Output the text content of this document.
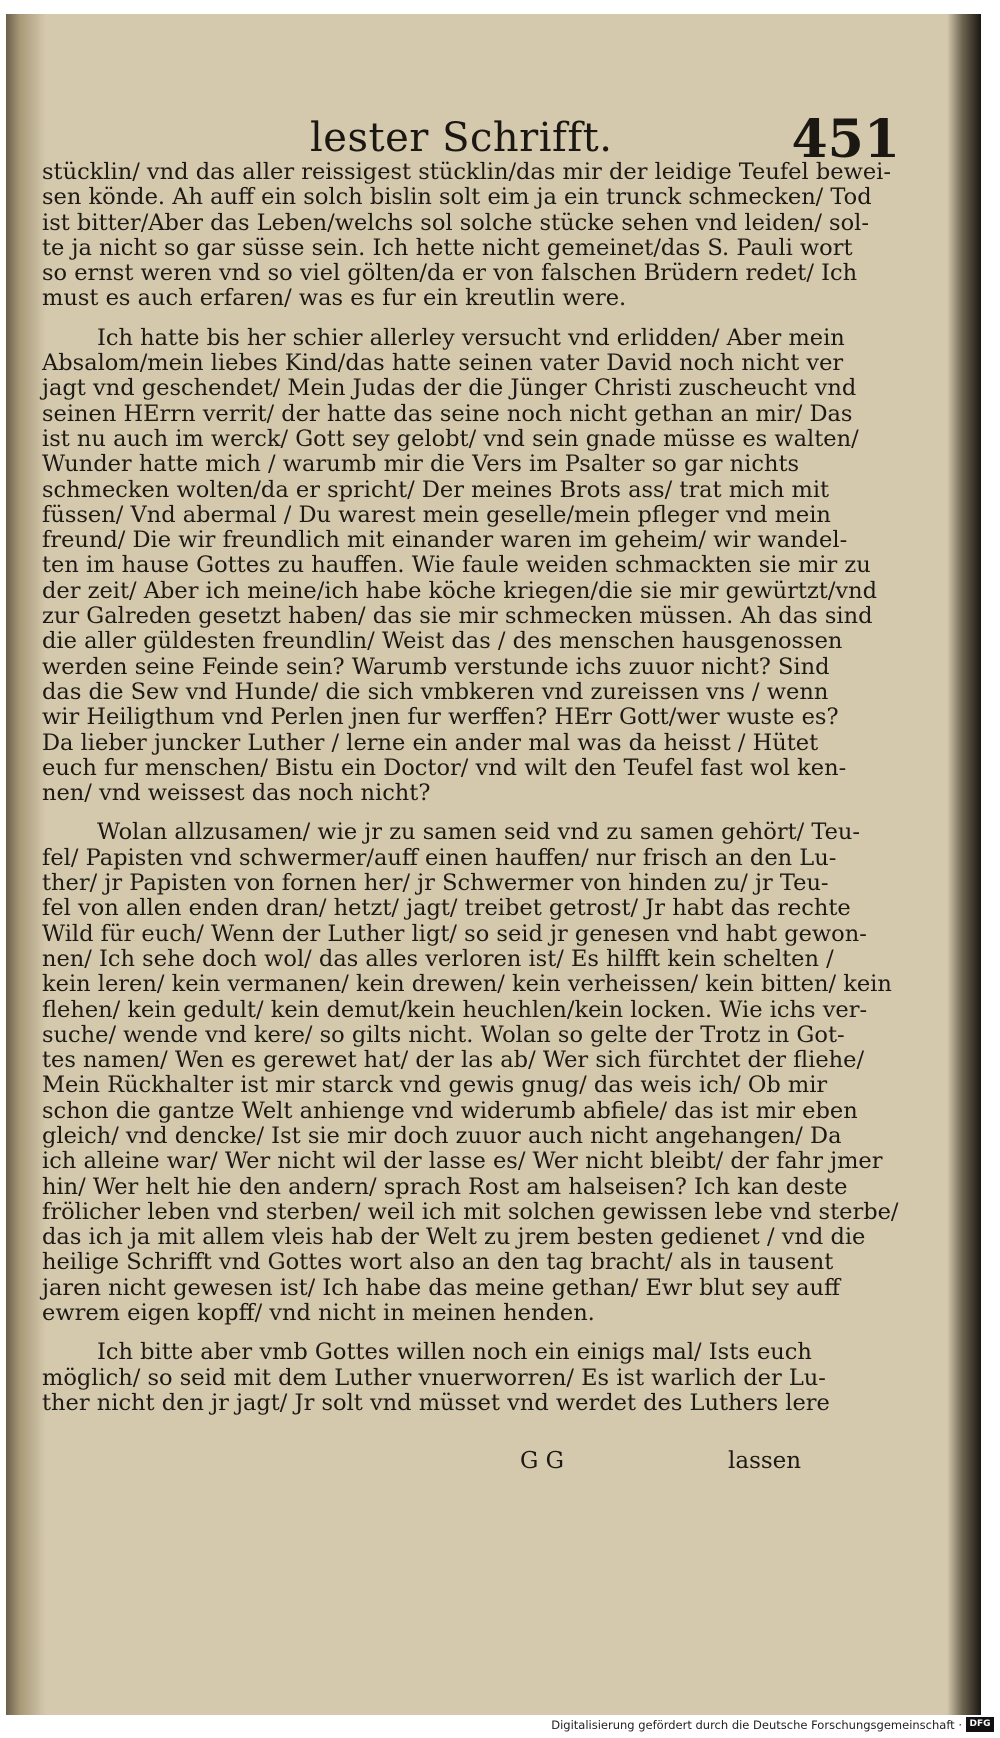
lester Schrifft.	451

stücklin/ vnd das aller reissigest stücklin/das mir der leidige Teufel bewei-
sen könde. Ah auff ein solch bislin solt eim ja ein trunck schmecken/ Tod
ist bitter/Aber das Leben/welchs sol solche stücke sehen vnd leiden/ sol-
te ja nicht so gar süsse sein. Ich hette nicht gemeinet/das S. Pauli wort
so ernst weren vnd so viel gölten/da er von falschen Brüdern redet/ Ich
must es auch erfaren/ was es fur ein kreutlin were.

Ich hatte bis her schier allerley versucht vnd erlidden/ Aber mein
Absalom/mein liebes Kind/das hatte seinen vater David noch nicht ver
jagt vnd geschendet/ Mein Judas der die Jünger Christi zuscheucht vnd
seinen HErrn verrit/ der hatte das seine noch nicht gethan an mir/ Das
ist nu auch im werck/ Gott sey gelobt/ vnd sein gnade müsse es walten/
Wunder hatte mich / warumb mir die Vers im Psalter so gar nichts
schmecken wolten/da er spricht/ Der meines Brots ass/ trat mich mit
füssen/ Vnd abermal / Du warest mein geselle/mein pfleger vnd mein
freund/ Die wir freundlich mit einander waren im geheim/ wir wandel-
ten im hause Gottes zu hauffen. Wie faule weiden schmackten sie mir zu
der zeit/ Aber ich meine/ich habe köche kriegen/die sie mir gewürtzt/vnd
zur Galreden gesetzt haben/ das sie mir schmecken müssen. Ah das sind
die aller güldesten freundlin/ Weist das / des menschen hausgenossen
werden seine Feinde sein? Warumb verstunde ichs zuuor nicht? Sind
das die Sew vnd Hunde/ die sich vmbkeren vnd zureissen vns / wenn
wir Heiligthum vnd Perlen jnen fur werffen? HErr Gott/wer wuste es?
Da lieber juncker Luther / lerne ein ander mal was da heisst / Hütet
euch fur menschen/ Bistu ein Doctor/ vnd wilt den Teufel fast wol ken-
nen/ vnd weissest das noch nicht?

Wolan allzusamen/ wie jr zu samen seid vnd zu samen gehört/ Teu-
fel/ Papisten vnd schwermer/auff einen hauffen/ nur frisch an den Lu-
ther/ jr Papisten von fornen her/ jr Schwermer von hinden zu/ jr Teu-
fel von allen enden dran/ hetzt/ jagt/ treibet getrost/ Jr habt das rechte
Wild für euch/ Wenn der Luther ligt/ so seid jr genesen vnd habt gewon-
nen/ Ich sehe doch wol/ das alles verloren ist/ Es hilfft kein schelten /
kein leren/ kein vermanen/ kein drewen/ kein verheissen/ kein bitten/ kein
flehen/ kein gedult/ kein demut/kein heuchlen/kein locken. Wie ichs ver-
suche/ wende vnd kere/ so gilts nicht. Wolan so gelte der Trotz in Got-
tes namen/ Wen es gerewet hat/ der las ab/ Wer sich fürchtet der fliehe/
Mein Rückhalter ist mir starck vnd gewis gnug/ das weis ich/ Ob mir
schon die gantze Welt anhienge vnd widerumb abfiele/ das ist mir eben
gleich/ vnd dencke/ Ist sie mir doch zuuor auch nicht angehangen/ Da
ich alleine war/ Wer nicht wil der lasse es/ Wer nicht bleibt/ der fahr jmer
hin/ Wer helt hie den andern/ sprach Rost am halseisen? Ich kan deste
frölicher leben vnd sterben/ weil ich mit solchen gewissen lebe vnd sterbe/
das ich ja mit allem vleis hab der Welt zu jrem besten gedienet / vnd die
heilige Schrifft vnd Gottes wort also an den tag bracht/ als in tausent
jaren nicht gewesen ist/ Ich habe das meine gethan/ Ewr blut sey auff
ewrem eigen kopff/ vnd nicht in meinen henden.

Ich bitte aber vmb Gottes willen noch ein einigs mal/ Ists euch
möglich/ so seid mit dem Luther vnuerworren/ Es ist warlich der Lu-
ther nicht den jr jagt/ Jr solt vnd müsset vnd werdet des Luthers lere

G G	lassen
Digitalisierung gefördert durch die Deutsche Forschungsgemeinschaft · DFG
